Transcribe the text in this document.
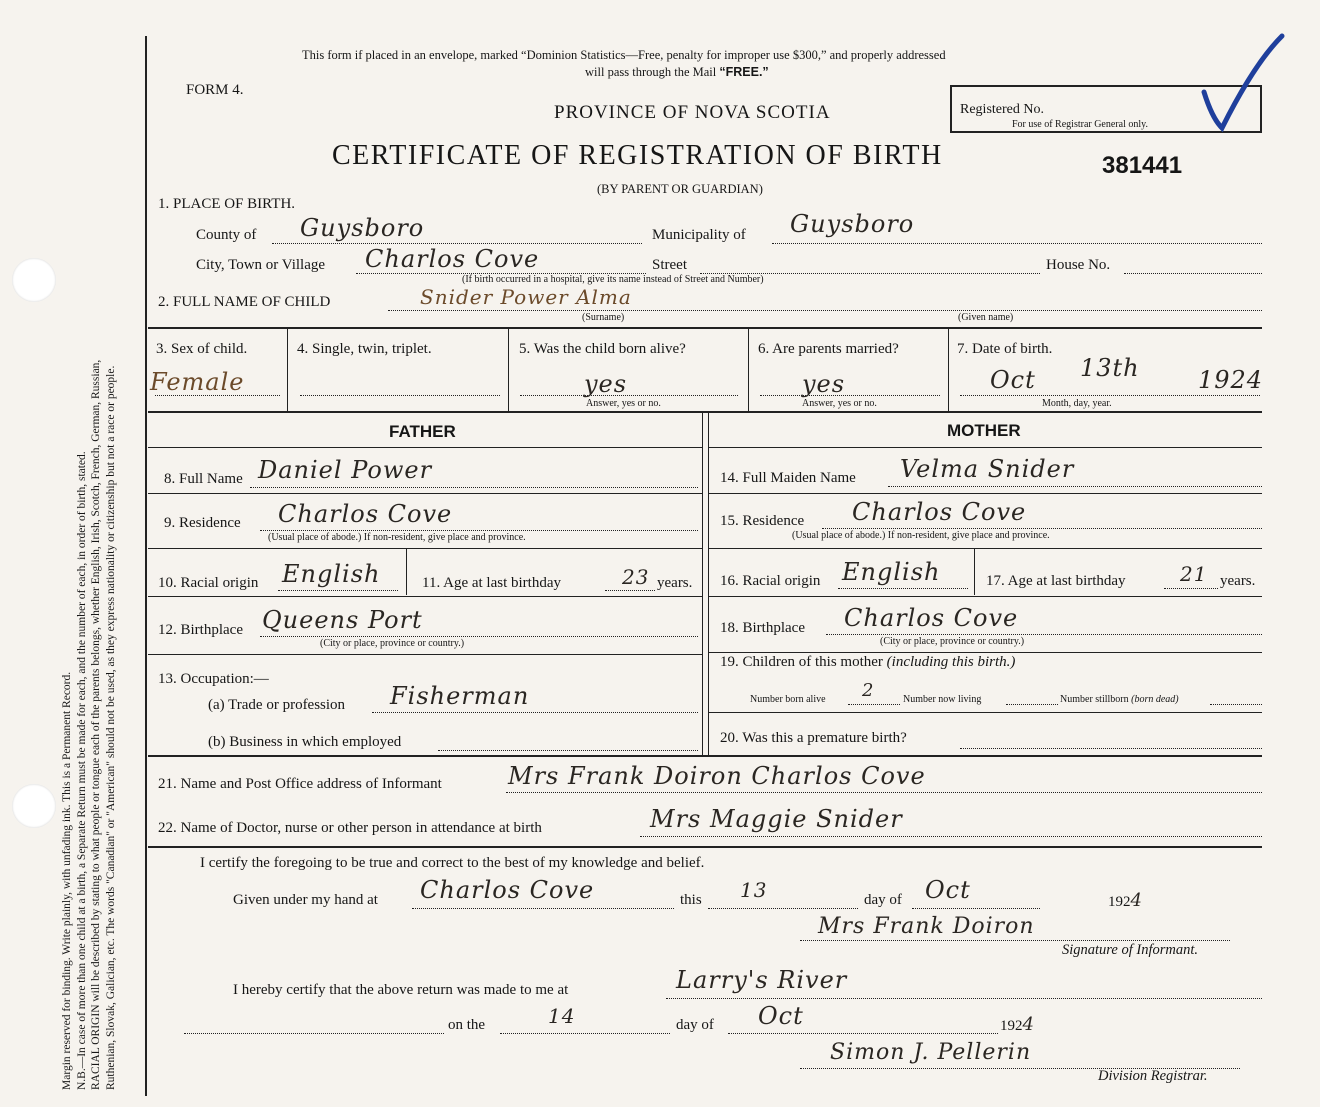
Margin reserved for binding. Write plainly, with unfading ink. This is a Permanent Record. N.B.—In case of more than one child at a birth, a Separate Return must be made for each, and the number of each, in order of birth, stated. RACIAL ORIGIN will be described by stating to what people or tongue each of the parents belongs, whether English, Irish, Scotch, French, German, Russian, Ruthenian, Slovak, Galician, etc. The words "Canadian" or "American" should not be used, as they express nationality or citizenship but not a race or people.
This form if placed in an envelope, marked “Dominion Statistics—Free, penalty for improper use $300,” and properly addressed
will pass through the Mail “FREE.”
FORM 4.
PROVINCE OF NOVA SCOTIA	Registered No.
For use of Registrar General only.
CERTIFICATE OF REGISTRATION OF BIRTH	381441
(BY PARENT OR GUARDIAN)
1. PLACE OF BIRTH.
County of Guysboro	Municipality of Guysboro
City, Town or Village Charlos Cove	Street	House No.
(If birth occurred in a hospital, give its name instead of Street and Number)
2. FULL NAME OF CHILD	Snider Power Alma
(Surname)	(Given name)
3. Sex of child.
Female
4. Single, twin, triplet.	5. Was the child born alive?
yes
Answer, yes or no.
6. Are parents married?
yes
Answer, yes or no.
7. Date of birth.
Oct 13th 1924
Month, day, year.
FATHER
8. Full Name Daniel Power
9. Residence Charlos Cove
(Usual place of abode.) If non-resident, give place and province.
10. Racial origin English	11. Age at last birthday	23 years.
12. Birthplace Queens Port
(City or place, province or country.)
13. Occupation:—
(a) Trade or profession Fisherman
(b) Business in which employed
MOTHER
14. Full Maiden Name Velma Snider
15. Residence Charlos Cove
(Usual place of abode.) If non-resident, give place and province.
16. Racial origin English	17. Age at last birthday	21 years.
18. Birthplace Charlos Cove
(City or place, province or country.)
19. Children of this mother (including this birth.)
Number born alive 2	Number now living	Number stillborn (born dead)
20. Was this a premature birth?
21. Name and Post Office address of Informant	Mrs Frank Doiron Charlos Cove
22. Name of Doctor, nurse or other person in attendance at birth	Mrs Maggie Snider
I certify the foregoing to be true and correct to the best of my knowledge and belief.
Given under my hand at Charlos Cove	this 13	day of Oct	1924
Mrs Frank Doiron
Signature of Informant.
I hereby certify that the above return was made to me at	Larry's River
on the	14	day of Oct	1924
Simon J. Pellerin
Division Registrar.
